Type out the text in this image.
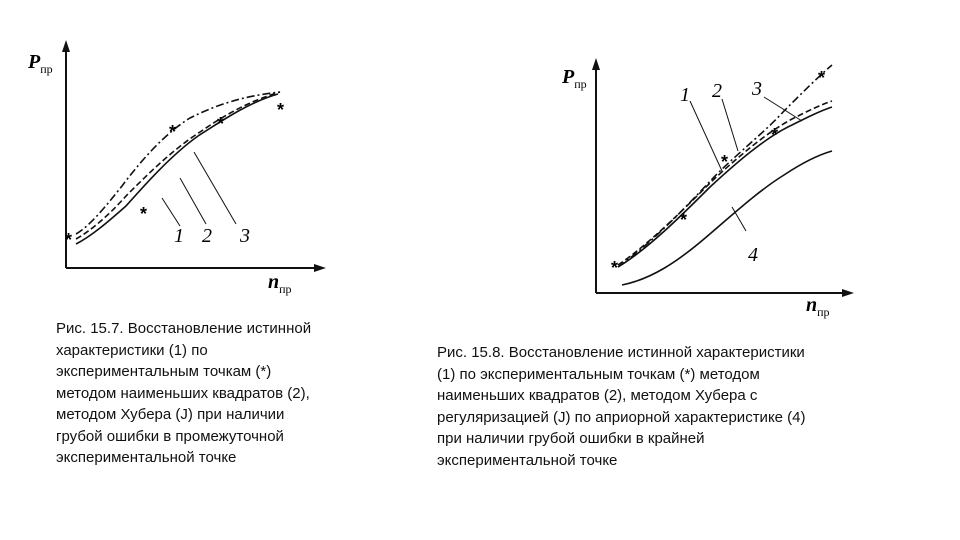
$P_{пр}$
$n_{пр}$
*
*
* *
*
1 2 3
$P_{пр}$
$n_{пр}$
*
*
*
*
*
1 2 3
4
Рис. 15.7. Восстановление истинной
характеристики (1) по
экспериментальным точкам (*)
методом наименьших квадратов (2),
методом Хубера (J) при наличии
грубой ошибки в промежуточной
экспериментальной точке
Рис. 15.8. Восстановление истинной характеристики
(1) по экспериментальным точкам (*) методом
наименьших квадратов (2), методом Хубера с
регуляризацией (J) по априорной характеристике (4)
при наличии грубой ошибки в крайней
экспериментальной точке
